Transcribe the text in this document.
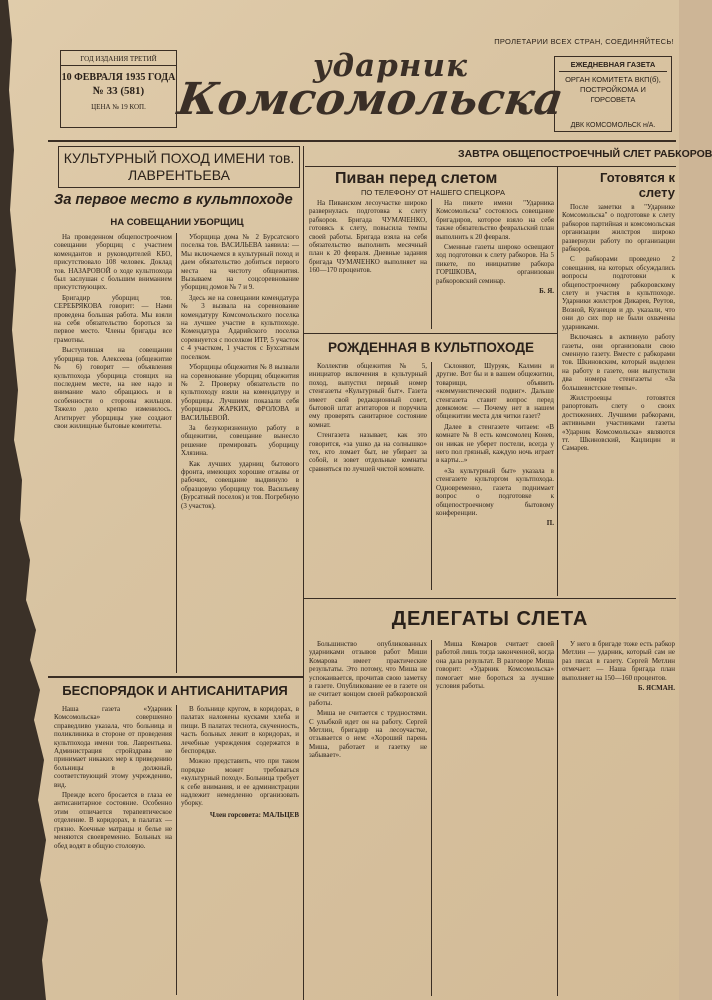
ГОД ИЗДАНИЯ ТРЕТИЙ
10 ФЕВРАЛЯ 1935 ГОДА
№ 33 (581)
ЦЕНА № 19 КОП.
ПРОЛЕТАРИИ ВСЕХ СТРАН, СОЕДИНЯЙТЕСЬ!
ударник
Комсомольска
ЕЖЕДНЕВНАЯ ГАЗЕТА
ОРГАН КОМИТЕТА ВКП(б), ПОСТРОЙКОМА И ГОРСОВЕТА
ДВК КОМСОМОЛЬСК н/А.
КУЛЬТУРНЫЙ ПОХОД ИМЕНИ тов. ЛАВРЕНТЬЕВА
ЗАВТРА ОБЩЕПОСТРОЕЧНЫЙ СЛЕТ РАБКОРОВ
За первое место в культпоходе
НА СОВЕЩАНИИ УБОРЩИЦ

На проведенном общепостроечном совещании уборщиц с участием комендантов и руководителей КБО, присутствовало 108 человек. Доклад тов. НАЗАРОВОЙ о ходе культпохода был заслушан с большим вниманием присутствующих.

Бригадир уборщиц тов. СЕРЕБРЯКОВА говорит: — Нами проведена большая работа. Мы взяли на себя обязательство бороться за первое место. Члены бригады все грамотны.

Выступившая на совещании уборщица тов. Алексеева (общежитие № 6) говорит — объявления культпохода уборщица стоящих на последнем месте, на нее надо и внимание мало обращаюсь и в особенности о стороны жильцов. Тяжело дело крепко изменилось. Агитирует уборщицы уже создают свои жилищные бытовые комитеты.

Уборщица дома № 2 Бурсатского поселка тов. ВАСИЛЬЕВА заявила: — Мы включаемся в культурный поход и даем обязательство добиться первого места на чистоту общежития. Вызываем на соцсоревнование уборщиц домов № 7 и 9.

Здесь же на совещании комендатура № 3 вызвала на соревнование комендатуру Комсомольского поселка на лучшее участие в культпоходе. Комендатура Адарийского поселка соревнуется с поселком ИТР, 5 участок с 4 участком, 1 участок с Бухсатным поселком.

Уборщицы общежития № 8 вызвали на соревнование уборщиц общежития № 2. Проверку обязательств по культпоходу взяли на комендатуру и уборщицы. Лучшими показали себя уборщицы ЖАРКИХ, ФРОЛОВА и ВАСИЛЬЕВОЙ.

За безукоризненную работу в общежитии, совещание вынесло решение премировать уборщицу Хлязина.

Как лучших ударниц бытового фронта, имеющих хорошие отзывы от рабочих, совещание выдвинуло в образцовую уборщицу тов. Васильеву (Бурсатный поселок) и тов. Погребную (3 участок).

Пиван перед слетом
ПО ТЕЛЕФОНУ ОТ НАШЕГО СПЕЦКОРА

На Пиванском лесоучастке широко развернулась подготовка к слету рабкоров. Бригада ЧУМАЧЕНКО, готовясь к слету, повысила темпы своей работы. Бригада взяла на себя обязательство выполнить месячный план к 20 февраля. Дневные задания бригада ЧУМАЧЕНКО выполняет на 160—170 процентов.

На пикете имени "Ударника Комсомольска" состоялось совещание бригадиров, которое взяло на себя также обязательство февральский план выполнить к 20 февраля.

Сменные газеты широко освещают ход подготовки к слету рабкоров. На 5 пикете, по инициативе рабкора ГОРШКОВА, организован рабкоровский семинар.

Б. Я.
Готовятся к слету

После заметки в "Ударнике Комсомольска" о подготовке к слету рабкоров партийная и комсомольская организации жилстроя широко развернули работу по организации рабкоров.

С рабкорами проведено 2 совещания, на которых обсуждались вопросы подготовки к общепостроечному рабкоровскому слету и участия в культпоходе. Ударники жилстроя Дикарев, Реутов, Возной, Кузнецов и др. указали, что они до сих пор не были охвачены ударниками.

Включаясь в активную работу газеты, они организовали свою сменную газету. Вместе с рабкорами тов. Шкиновским, который выделен на работу в газете, они выпустили два номера стенгазеты «За большевистские темпы».

Жилстроевцы готовятся рапортовать слету о своих достижениях. Лучшими рабкорами, активными участниками газеты «Ударник Комсомольска» являются тт. Шкиновский, Кацлицин и Самарев.

РОЖДЕННАЯ В КУЛЬТПОХОДЕ

Коллектив общежития № 5, инициатор включения в культурный поход, выпустил первый номер стенгазеты «Культурный быт». Газета имеет свой редакционный совет, бытовой штат агитаторов и поручила ему проверять санитарное состояние комнат.

Стенгазета называет, как это говорится, «за ушко да на солнышко» тех, кто ломает быт, не убирает за собой, и зовет отдельные комнаты сравняться по лучшей чистой комнате.

Склоняют, Шуруяк, Калмин и другие. Вот бы и в вашем общежитии, товарищи, объявить «коммунистический подвиг». Дальше стенгазета ставит вопрос перед домкомом: — Почему нет в нашем общежитии места для читки газет?

Далее в стенгазете читаем: «В комнате № 8 есть комсомолец Конев, он никак не уберет постели, всегда у него пол грязный, каждую ночь играет в карты...»

«За культурный быт» указала в стенгазете культоргом культпохода. Одновременно, газета поднимает вопрос о подготовке к общепостроечному бытовому конференции.

П.
ДЕЛЕГАТЫ СЛЕТА

Большинство опубликованных ударниками отзывов работ Миши Комарова имеет практические результаты. Это потому, что Миша не успокаивается, прочитав свою заметку в газете. Опубликование ее в газете он не считает концом своей рабкоровской работы.

Миша не считается с трудностями. С улыбкой идет он на работу. Сергей Метлин, бригадир на лесоучастке, отзывается о нем: «Хороший парень Миша, работает и газетку не забывает».

Миша Комаров считает своей работой лишь тогда законченной, когда она дала результат. В разговоре Миша говорит: «Ударник Комсомольска» помогает мне бороться за лучшие условия работы.

У него в бригаде тоже есть рабкор Метлин — ударник, который сам не раз писал в газету. Сергей Метлин отмечает: — Наша бригада план выполняет на 150—160 процентов.

Б. ЯСМАН.
БЕСПОРЯДОК И АНТИСАНИТАРИЯ

Наша газета «Ударник Комсомольска» совершенно справедливо указала, что больница и поликлиника в стороне от проведения культпохода имени тов. Лаврентьева. Администрация стройздрава не принимает никаких мер к приведению больницы в должный, соответствующий этому учреждению, вид.

Прежде всего бросается в глаза ее антисанитарное состояние. Особенно этим отличается терапевтическое отделение. В коридорах, в палатах — грязно. Коечные матрацы и белье не меняются своевременно. Больных на обед водят в общую столовую.

В больнице кругом, в коридорах, в палатах наложены кусками хлеба и пищи. В палатах теснота, скученность, часть больных лежит в коридорах, и лечебные учреждения содержатся в беспорядке.

Можно представить, что при таком порядке может требоваться «культурный поход». Больница требует к себе внимания, и ее администрации надлежит немедленно организовать уборку.

Член горсовета: МАЛЬЦЕВ
